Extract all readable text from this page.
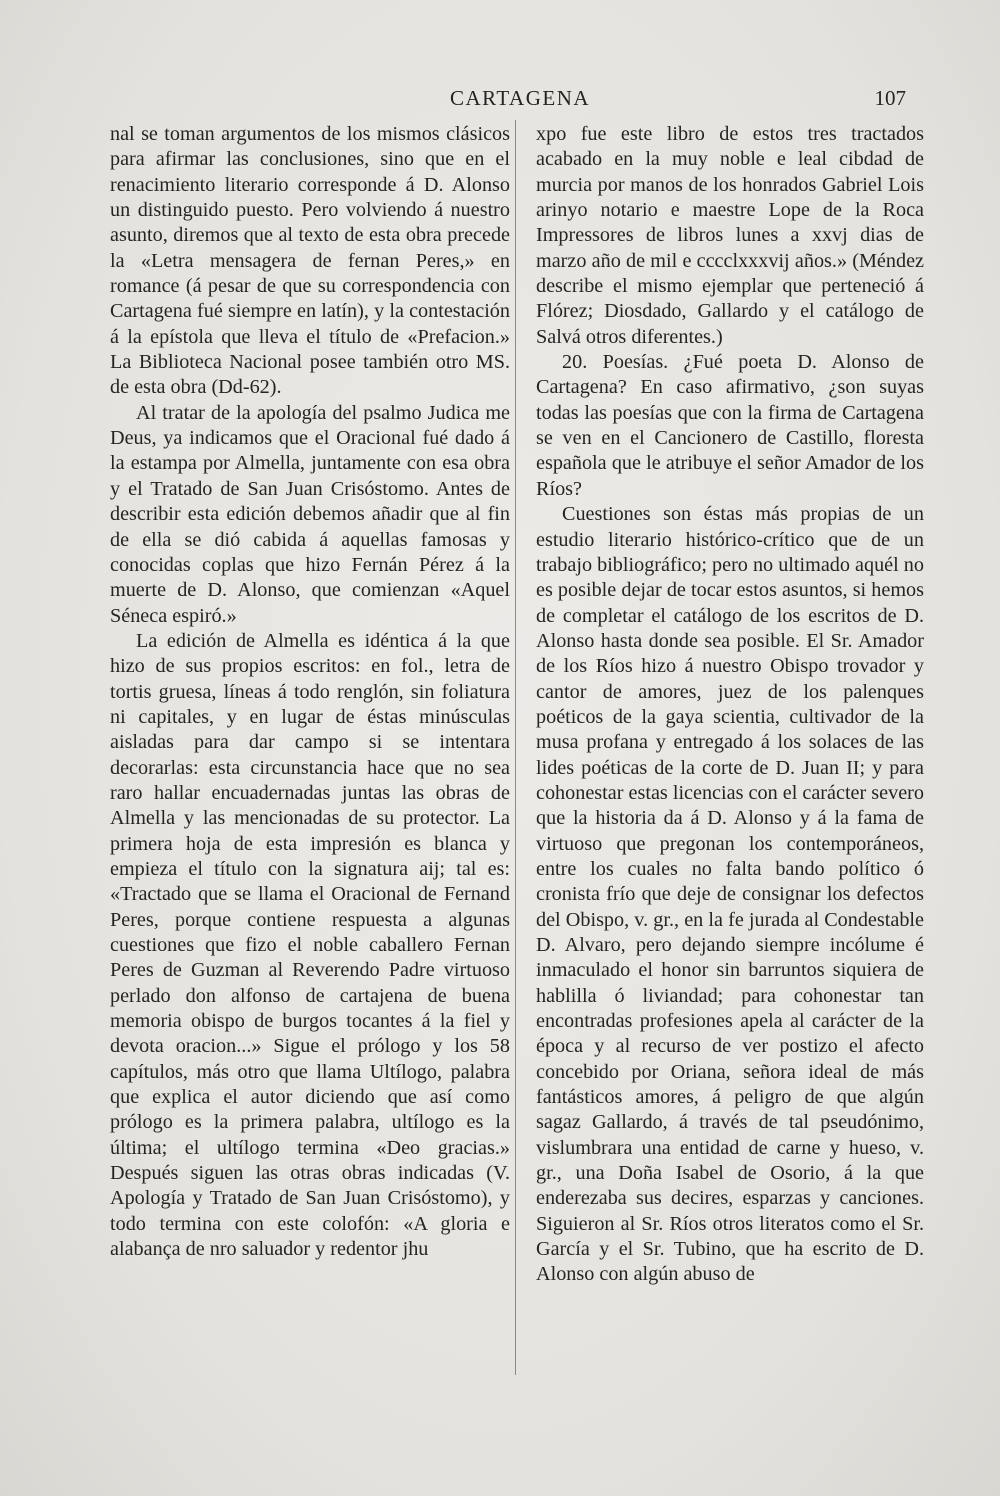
CARTAGENA	107

nal se toman argumentos de los mismos clásicos para afirmar las conclusiones, sino que en el renacimiento literario corresponde á D. Alonso un distinguido puesto. Pero volviendo á nuestro asunto, diremos que al texto de esta obra precede la «Letra mensagera de fernan Peres,» en romance (á pesar de que su correspondencia con Cartagena fué siempre en latín), y la contestación á la epístola que lleva el título de «Prefacion.» La Biblioteca Nacional posee también otro MS. de esta obra (Dd-62).

Al tratar de la apología del psalmo Judica me Deus, ya indicamos que el Oracional fué dado á la estampa por Almella, juntamente con esa obra y el Tratado de San Juan Crisóstomo. Antes de describir esta edición debemos añadir que al fin de ella se dió cabida á aquellas famosas y conocidas coplas que hizo Fernán Pérez á la muerte de D. Alonso, que comienzan «Aquel Séneca espiró.»

La edición de Almella es idéntica á la que hizo de sus propios escritos: en fol., letra de tortis gruesa, líneas á todo renglón, sin foliatura ni capitales, y en lugar de éstas minúsculas aisladas para dar campo si se intentara decorarlas: esta circunstancia hace que no sea raro hallar encuadernadas juntas las obras de Almella y las mencionadas de su protector. La primera hoja de esta impresión es blanca y empieza el título con la signatura aij; tal es: «Tractado que se llama el Oracional de Fernand Peres, porque contiene respuesta a algunas cuestiones que fizo el noble caballero Fernan Peres de Guzman al Reverendo Padre virtuoso perlado don alfonso de cartajena de buena memoria obispo de burgos tocantes á la fiel y devota oracion...» Sigue el prólogo y los 58 capítulos, más otro que llama Ultílogo, palabra que explica el autor diciendo que así como prólogo es la primera palabra, ultílogo es la última; el ultílogo termina «Deo gracias.» Después siguen las otras obras indicadas (V. Apología y Tratado de San Juan Crisóstomo), y todo termina con este colofón: «A gloria e alabança de nro saluador y redentor jhu

xpo fue este libro de estos tres tractados acabado en la muy noble e leal cibdad de murcia por manos de los honrados Gabriel Lois arinyo notario e maestre Lope de la Roca Impressores de libros lunes a xxvj dias de marzo año de mil e cccclxxxvij años.» (Méndez describe el mismo ejemplar que perteneció á Flórez; Diosdado, Gallardo y el catálogo de Salvá otros diferentes.)

20. Poesías. ¿Fué poeta D. Alonso de Cartagena? En caso afirmativo, ¿son suyas todas las poesías que con la firma de Cartagena se ven en el Cancionero de Castillo, floresta española que le atribuye el señor Amador de los Ríos?

Cuestiones son éstas más propias de un estudio literario histórico-crítico que de un trabajo bibliográfico; pero no ultimado aquél no es posible dejar de tocar estos asuntos, si hemos de completar el catálogo de los escritos de D. Alonso hasta donde sea posible. El Sr. Amador de los Ríos hizo á nuestro Obispo trovador y cantor de amores, juez de los palenques poéticos de la gaya scientia, cultivador de la musa profana y entregado á los solaces de las lides poéticas de la corte de D. Juan II; y para cohonestar estas licencias con el carácter severo que la historia da á D. Alonso y á la fama de virtuoso que pregonan los contemporáneos, entre los cuales no falta bando político ó cronista frío que deje de consignar los defectos del Obispo, v. gr., en la fe jurada al Condestable D. Alvaro, pero dejando siempre incólume é inmaculado el honor sin barruntos siquiera de hablilla ó liviandad; para cohonestar tan encontradas profesiones apela al carácter de la época y al recurso de ver postizo el afecto concebido por Oriana, señora ideal de más fantásticos amores, á peligro de que algún sagaz Gallardo, á través de tal pseudónimo, vislumbrara una entidad de carne y hueso, v. gr., una Doña Isabel de Osorio, á la que enderezaba sus decires, esparzas y canciones. Siguieron al Sr. Ríos otros literatos como el Sr. García y el Sr. Tubino, que ha escrito de D. Alonso con algún abuso de
